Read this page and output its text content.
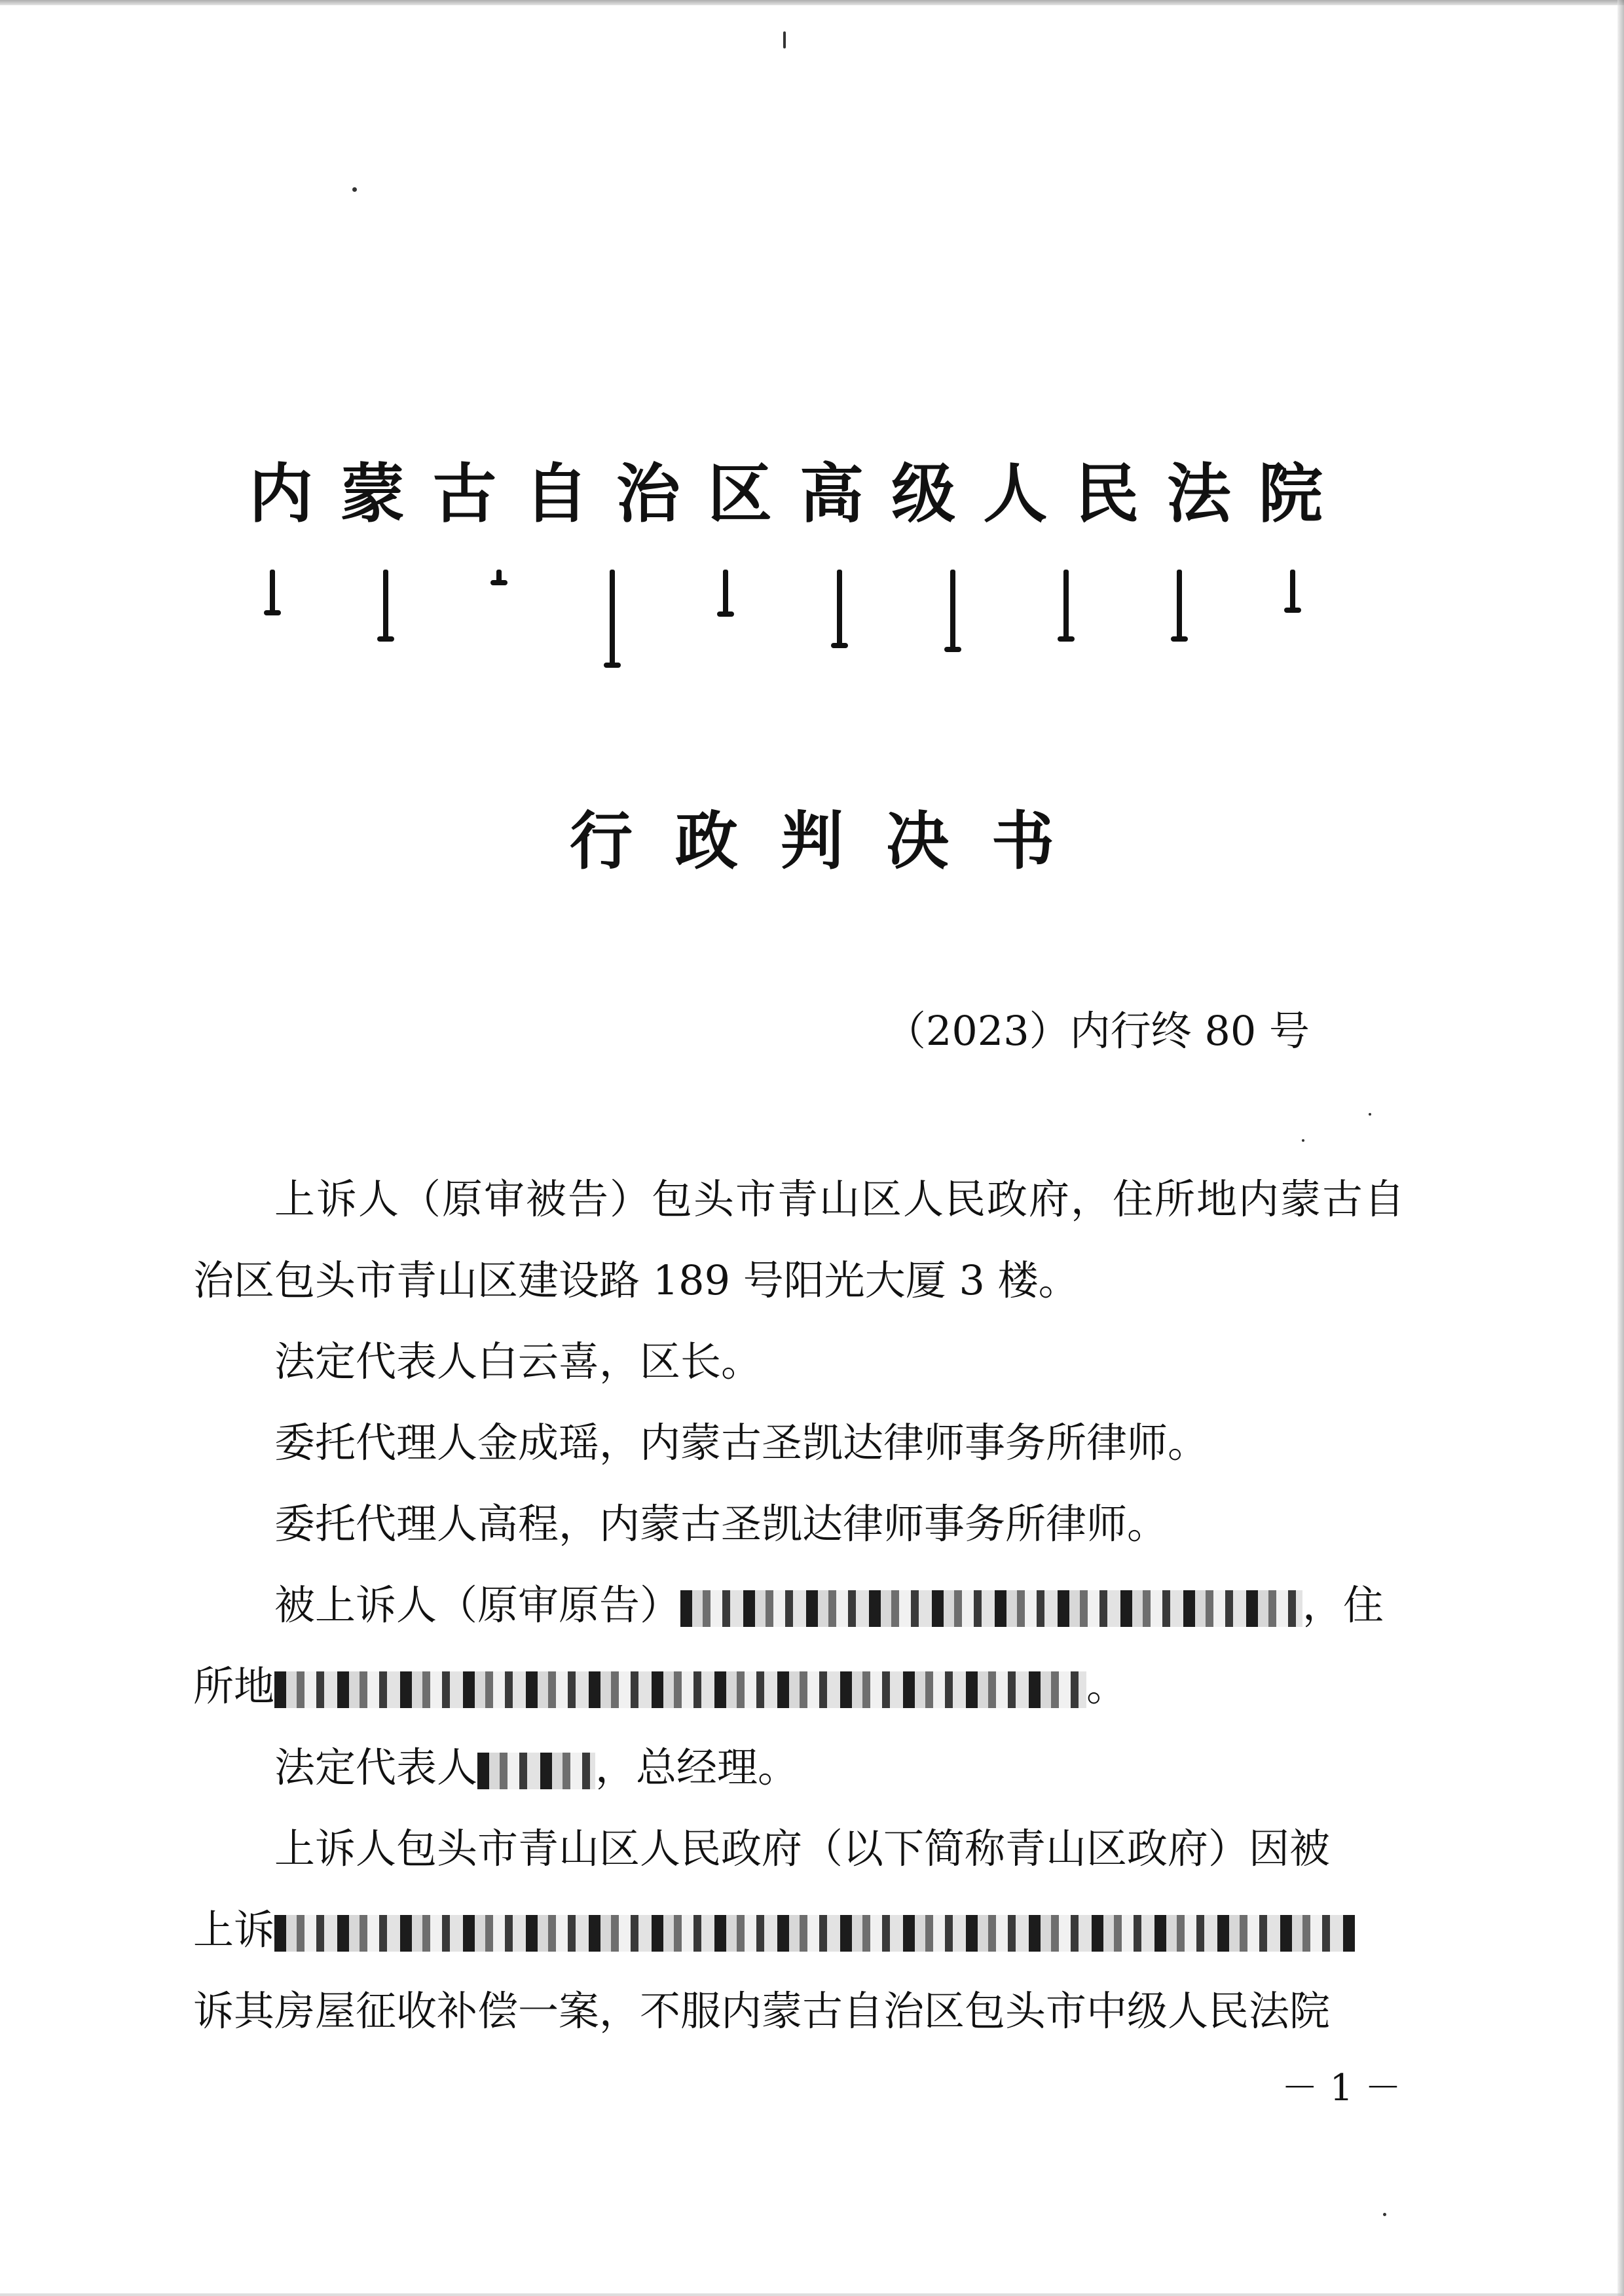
内 蒙 古 自 治 区 高 级 人 民 法 院
行 政 判 决 书
（2023）内行终 80 号

上诉人（原审被告）包头市青山区人民政府，住所地内蒙古自治区包头市青山区建设路 189 号阳光大厦 3 楼。

法定代表人白云喜，区长。

委托代理人金成瑶，内蒙古圣凯达律师事务所律师。

委托代理人高程，内蒙古圣凯达律师事务所律师。

被上诉人（原审原告）	，住

所地	。

法定代表人	，总经理。

上诉人包头市青山区人民政府（以下简称青山区政府）因被

上诉

诉其房屋征收补偿一案，不服内蒙古自治区包头市中级人民法院

－ 1 －
